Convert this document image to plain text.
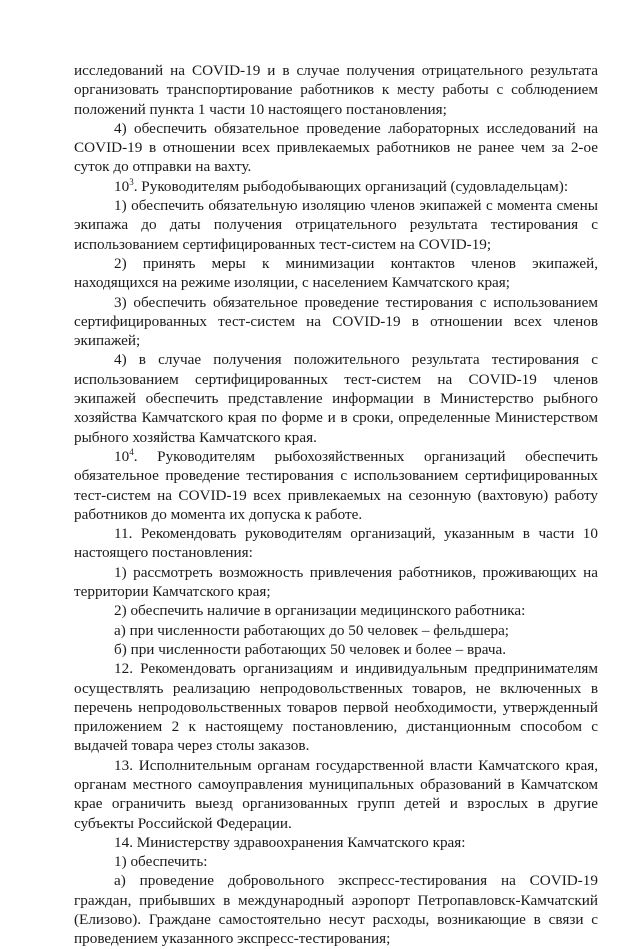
исследований на COVID-19 и в случае получения отрицательного результата организовать транспортирование работников к месту работы с соблюдением положений пункта 1 части 10 настоящего постановления;

4) обеспечить обязательное проведение лабораторных исследований на COVID-19 в отношении всех привлекаемых работников не ранее чем за 2-ое суток до отправки на вахту.

$10^3$. Руководителям рыбодобывающих организаций (судовладельцам):

1) обеспечить обязательную изоляцию членов экипажей с момента смены экипажа до даты получения отрицательного результата тестирования с использованием сертифицированных тест-систем на COVID-19;

2) принять меры к минимизации контактов членов экипажей, находящихся на режиме изоляции, с населением Камчатского края;

3) обеспечить обязательное проведение тестирования с использованием сертифицированных тест-систем на COVID-19 в отношении всех членов экипажей;

4) в случае получения положительного результата тестирования с использованием сертифицированных тест-систем на COVID-19 членов экипажей обеспечить представление информации в Министерство рыбного хозяйства Камчатского края по форме и в сроки, определенные Министерством рыбного хозяйства Камчатского края.

$10^4$. Руководителям рыбохозяйственных организаций обеспечить обязательное проведение тестирования с использованием сертифицированных тест-систем на COVID-19 всех привлекаемых на сезонную (вахтовую) работу работников до момента их допуска к работе.

11. Рекомендовать руководителям организаций, указанным в части 10 настоящего постановления:

1) рассмотреть возможность привлечения работников, проживающих на территории Камчатского края;

2) обеспечить наличие в организации медицинского работника:

а) при численности работающих до 50 человек – фельдшера;

б) при численности работающих 50 человек и более – врача.

12. Рекомендовать организациям и индивидуальным предпринимателям осуществлять реализацию непродовольственных товаров, не включенных в перечень непродовольственных товаров первой необходимости, утвержденный приложением 2 к настоящему постановлению, дистанционным способом с выдачей товара через столы заказов.

13. Исполнительным органам государственной власти Камчатского края, органам местного самоуправления муниципальных образований в Камчатском крае ограничить выезд организованных групп детей и взрослых в другие субъекты Российской Федерации.

14. Министерству здравоохранения Камчатского края:

1) обеспечить:

а) проведение добровольного экспресс-тестирования на COVID-19 граждан, прибывших в международный аэропорт Петропавловск-Камчатский (Елизово). Граждане самостоятельно несут расходы, возникающие в связи с проведением указанного экспресс-тестирования;
